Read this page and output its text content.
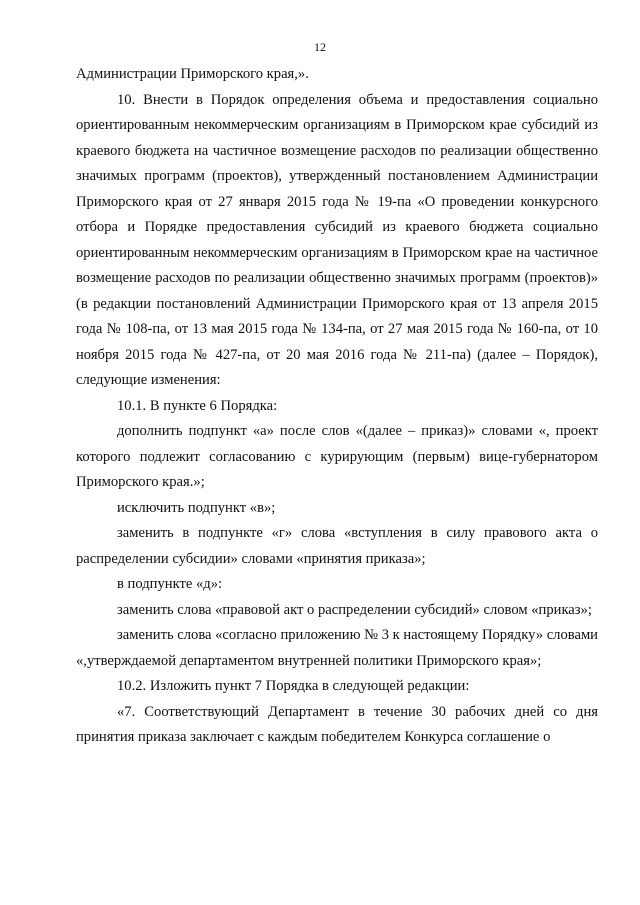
12

Администрации Приморского края,».

10. Внести в Порядок определения объема и предоставления социально ориентированным некоммерческим организациям в Приморском крае субсидий из краевого бюджета на частичное возмещение расходов по реализации общественно значимых программ (проектов), утвержденный постановлением Администрации Приморского края от 27 января 2015 года № 19-па «О проведении конкурсного отбора и Порядке предоставления субсидий из краевого бюджета социально ориентированным некоммерческим организациям в Приморском крае на частичное возмещение расходов по реализации общественно значимых программ (проектов)» (в редакции постановлений Администрации Приморского края от 13 апреля 2015 года № 108-па, от 13 мая 2015 года № 134-па, от 27 мая 2015 года № 160-па, от 10 ноября 2015 года № 427-па, от 20 мая 2016 года № 211-па) (далее – Порядок), следующие изменения:

10.1. В пункте 6 Порядка:

дополнить подпункт «а» после слов «(далее – приказ)» словами «, проект которого подлежит согласованию с курирующим (первым) вице-губернатором Приморского края.»;

исключить подпункт «в»;

заменить в подпункте «г» слова «вступления в силу правового акта о распределении субсидии» словами «принятия приказа»;

в подпункте «д»:

заменить слова «правовой акт о распределении субсидий» словом «приказ»;

заменить слова «согласно приложению № 3 к настоящему Порядку» словами «,утверждаемой департаментом внутренней политики Приморского края»;

10.2. Изложить пункт 7 Порядка в следующей редакции:

«7. Соответствующий Департамент в течение 30 рабочих дней со дня принятия приказа заключает с каждым победителем Конкурса соглашение о
